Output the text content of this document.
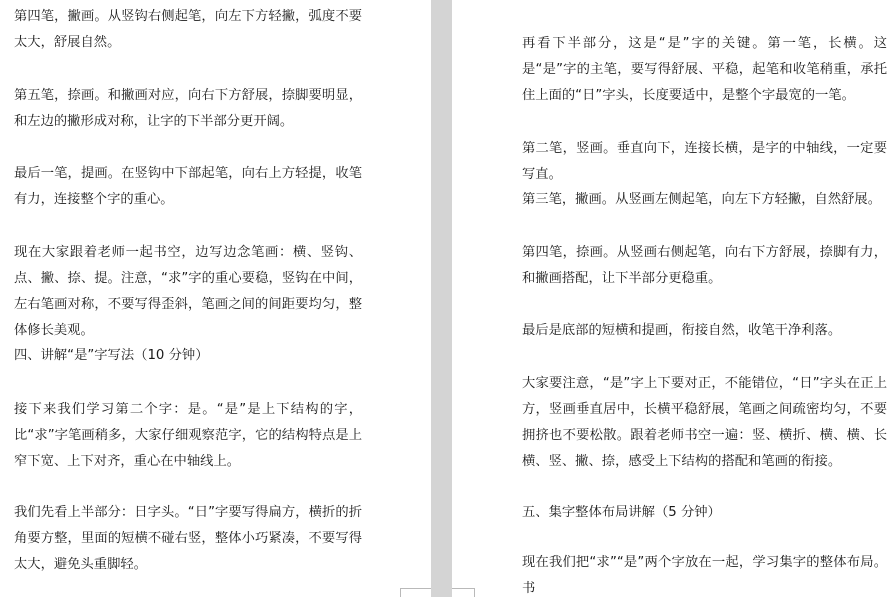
第四笔，撇画。从竖钩右侧起笔，向左下方轻撇，弧度不要太大，舒展自然。

第五笔，捺画。和撇画对应，向右下方舒展，捺脚要明显，和左边的撇形成对称，让字的下半部分更开阔。

最后一笔，提画。在竖钩中下部起笔，向右上方轻提，收笔有力，连接整个字的重心。

现在大家跟着老师一起书空，边写边念笔画：横、竖钩、点、撇、捺、提。注意，“求”字的重心要稳，竖钩在中间，左右笔画对称，不要写得歪斜，笔画之间的间距要均匀，整体修长美观。

四、讲解“是”字写法（10 分钟）

接下来我们学习第二个字：是。“是”是上下结构的字，比“求”字笔画稍多，大家仔细观察范字，它的结构特点是上窄下宽、上下对齐，重心在中轴线上。

我们先看上半部分：日字头。“日”字要写得扁方，横折的折角要方整，里面的短横不碰右竖，整体小巧紧凑，不要写得太大，避免头重脚轻。

再看下半部分，这是“是”字的关键。第一笔，长横。这是“是”字的主笔，要写得舒展、平稳，起笔和收笔稍重，承托住上面的“日”字头，长度要适中，是整个字最宽的一笔。

第二笔，竖画。垂直向下，连接长横，是字的中轴线，一定要写直。

第三笔，撇画。从竖画左侧起笔，向左下方轻撇，自然舒展。

第四笔，捺画。从竖画右侧起笔，向右下方舒展，捺脚有力，和撇画搭配，让下半部分更稳重。

最后是底部的短横和提画，衔接自然，收笔干净利落。

大家要注意，“是”字上下要对正，不能错位，“日”字头在正上方，竖画垂直居中，长横平稳舒展，笔画之间疏密均匀，不要拥挤也不要松散。跟着老师书空一遍：竖、横折、横、横、长横、竖、撇、捺，感受上下结构的搭配和笔画的衔接。

五、集字整体布局讲解（5 分钟）

现在我们把“求”“是”两个字放在一起，学习集字的整体布局。书
